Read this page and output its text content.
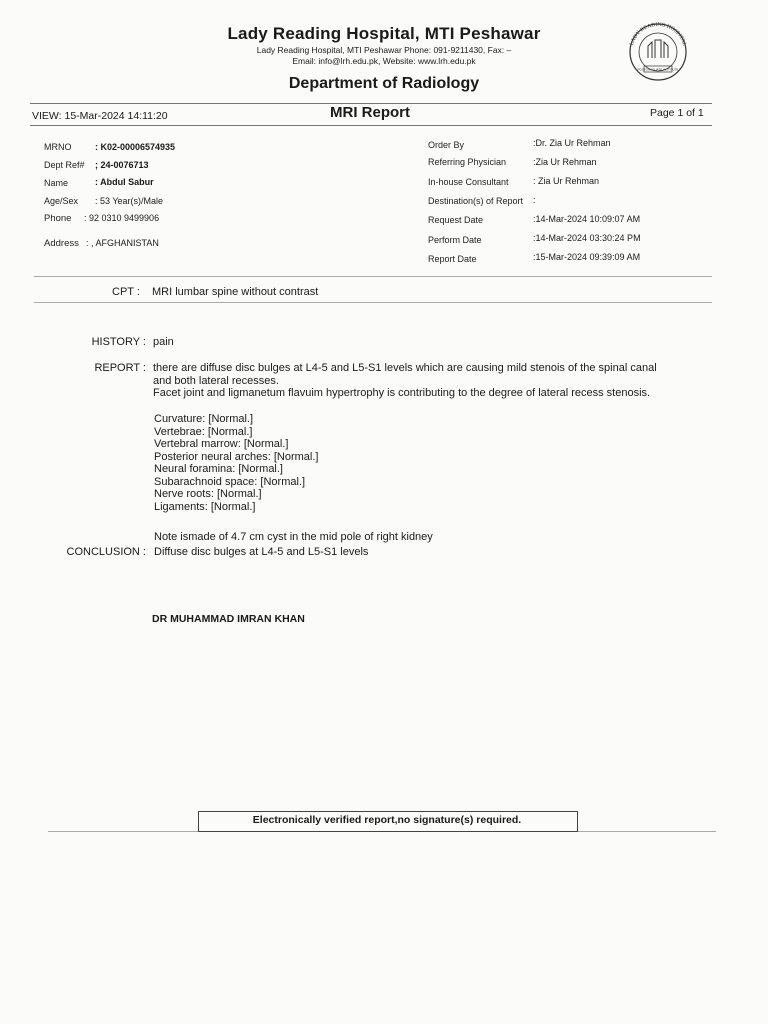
Lady Reading Hospital, MTI Peshawar
Lady Reading Hospital, MTI Peshawar Phone: 091-9211430, Fax: –
Email: info@lrh.edu.pk, Website: www.lrh.edu.pk
Department of Radiology
LADY READING HOSPITAL
POSTGRADUATE INSTITUTE
VIEW: 15-Mar-2024 14:11:20	MRI Report	Page 1 of 1
MRNO	: K02-00006574935
Dept Ref# ; 24-0076713
Name	: Abdul Sabur
Age/Sex : 53 Year(s)/Male
Phone : 92 0310 9499906
Address : , AFGHANISTAN
Order By	:Dr. Zia Ur Rehman
Referring Physician	:Zia Ur Rehman
In-house Consultant	: Zia Ur Rehman
Destination(s) of Report :
Request Date	:14-Mar-2024 10:09:07 AM
Perform Date	:14-Mar-2024 03:30:24 PM
Report Date	:15-Mar-2024 09:39:09 AM
CPT : MRI lumbar spine without contrast
HISTORY : pain
REPORT : there are diffuse disc bulges at L4-5 and L5-S1 levels which are causing mild stenois of the spinal canal
and both lateral recesses.
Facet joint and ligmanetum flavuim hypertrophy is contributing to the degree of lateral recess stenosis.
Curvature: [Normal.]
Vertebrae: [Normal.]
Vertebral marrow: [Normal.]
Posterior neural arches: [Normal.]
Neural foramina: [Normal.]
Subarachnoid space: [Normal.]
Nerve roots: [Normal.]
Ligaments: [Normal.]
Note ismade of 4.7 cm cyst in the mid pole of right kidney
CONCLUSION : Diffuse disc bulges at L4-5 and L5-S1 levels
DR MUHAMMAD IMRAN KHAN
Electronically verified report,no signature(s) required.
